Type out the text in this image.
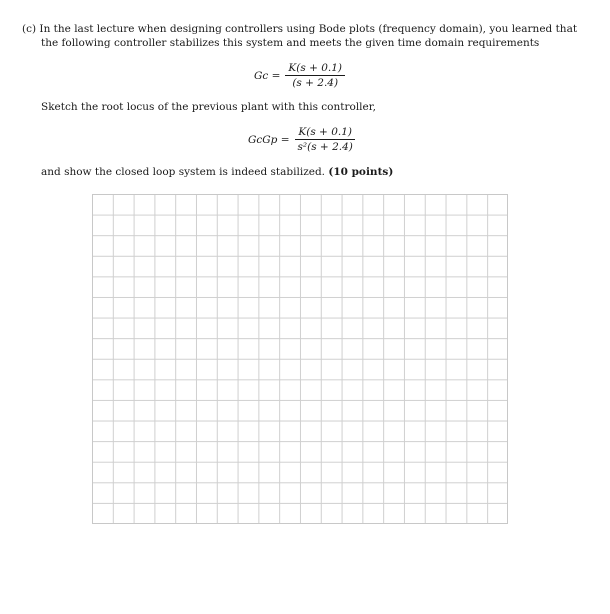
(c) In the last lecture when designing controllers using Bode plots (frequency domain), you learned that
the following controller stabilizes this system and meets the given time domain requirements
$Gc = \frac{K(s + 0.1)}{(s + 2.4)}$
Sketch the root locus of the previous plant with this controller,
GcGp = $\frac{K(s + 0.1)}{\text{s²(s + 2.4)}}$
and show the closed loop system is indeed stabilized. (10 points)
